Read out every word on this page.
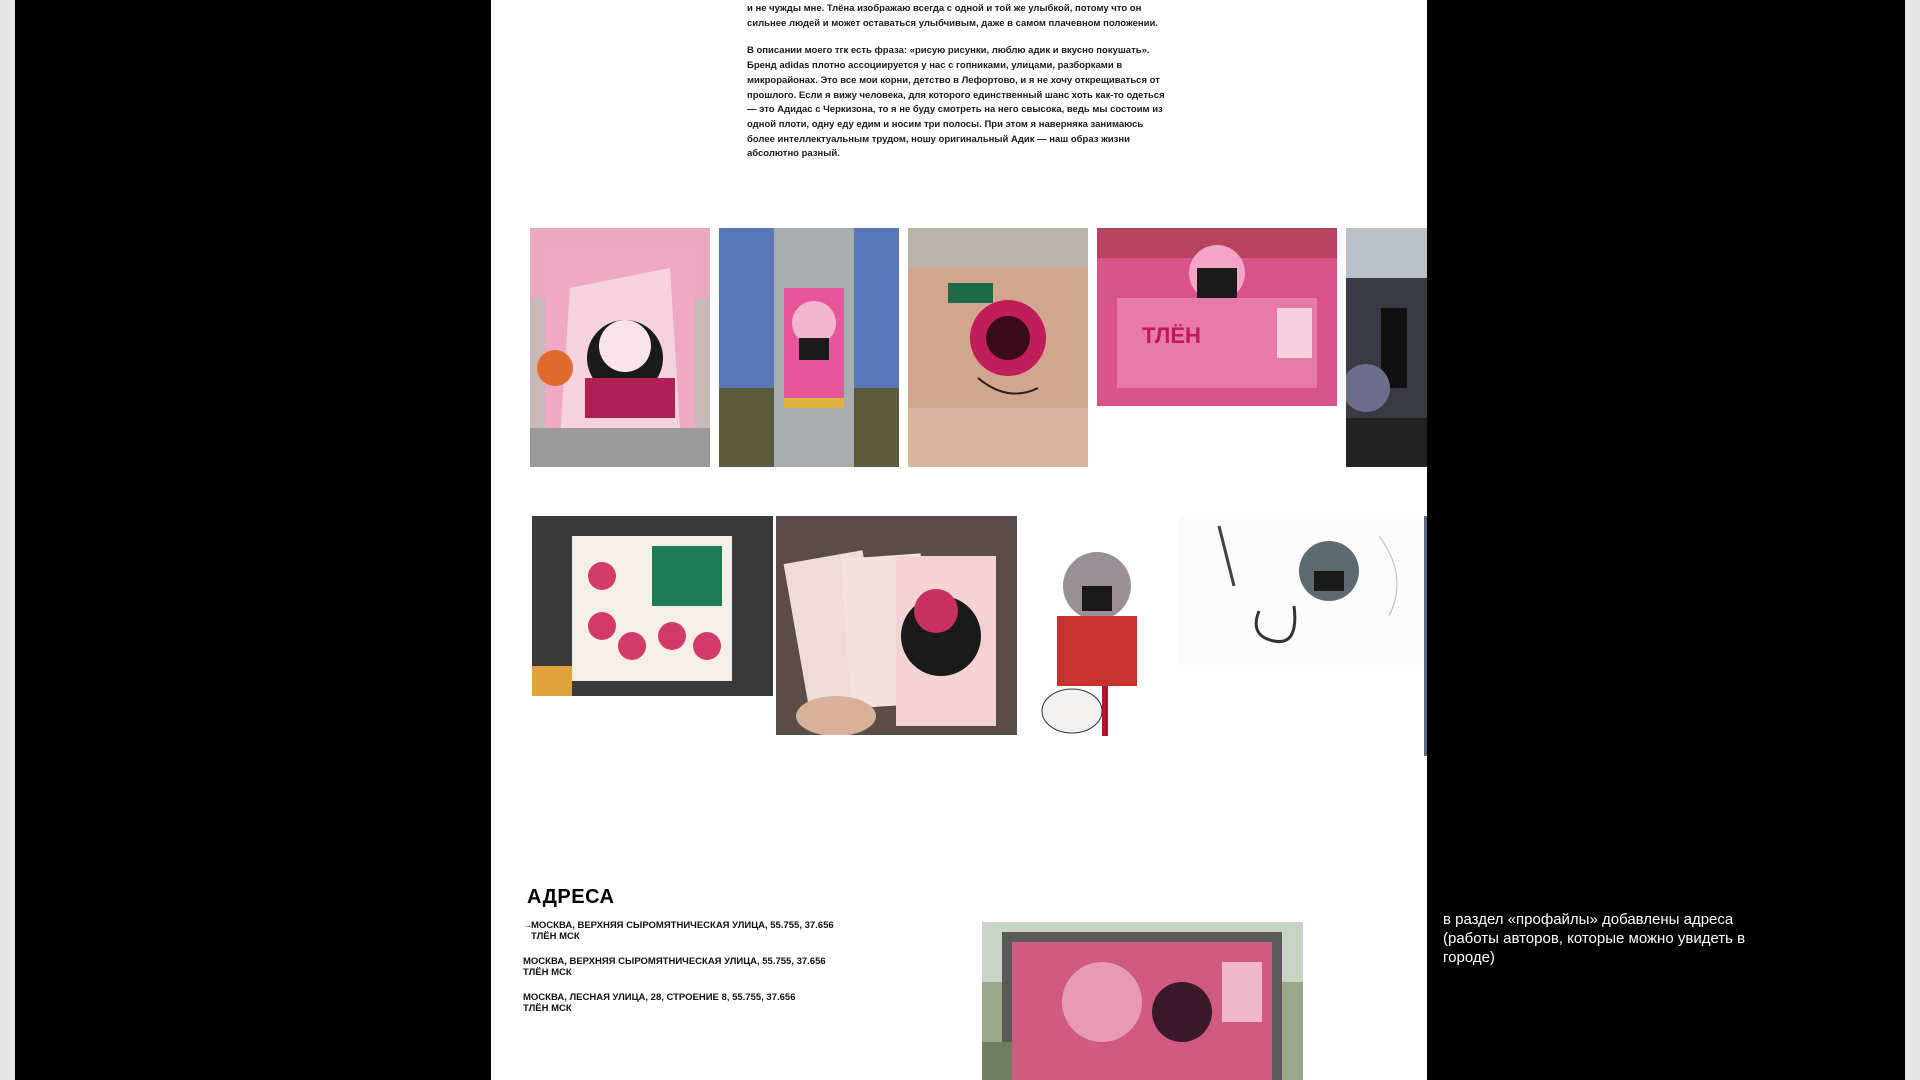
и не чужды мне. Тлёна изображаю всегда с одной и той же улыбкой, потому что он сильнее людей и может оставаться улыбчивым, даже в самом плачевном положении.

В описании моего тгк есть фраза: «рисую рисунки, люблю адик и вкусно покушать». Бренд adidas плотно ассоциируется у нас с гопниками, улицами, разборками в микрорайонах. Это все мои корни, детство в Лефортово, и я не хочу открещиваться от прошлого. Если я вижу человека, для которого единственный шанс хоть как-то одеться — это Адидас с Черкизона, то я не буду смотреть на него свысока, ведь мы состоим из одной плоти, одну еду едим и носим три полосы. При этом я наверняка занимаюсь более интеллектуальным трудом, ношу оригинальный Адик — наш образ жизни абсолютно разный.

ТЛЁН
АДРЕСА
→МОСКВА, ВЕРХНЯЯ СЫРОМЯТНИЧЕСКАЯ УЛИЦА, 55.755, 37.656
ТЛЁН МСК
МОСКВА, ВЕРХНЯЯ СЫРОМЯТНИЧЕСКАЯ УЛИЦА, 55.755, 37.656
ТЛЁН МСК
МОСКВА, ЛЕСНАЯ УЛИЦА, 28, СТРОЕНИЕ 8, 55.755, 37.656
ТЛЁН МСК
в раздел «профайлы» добавлены адреса (работы авторов, которые можно увидеть в городе)
